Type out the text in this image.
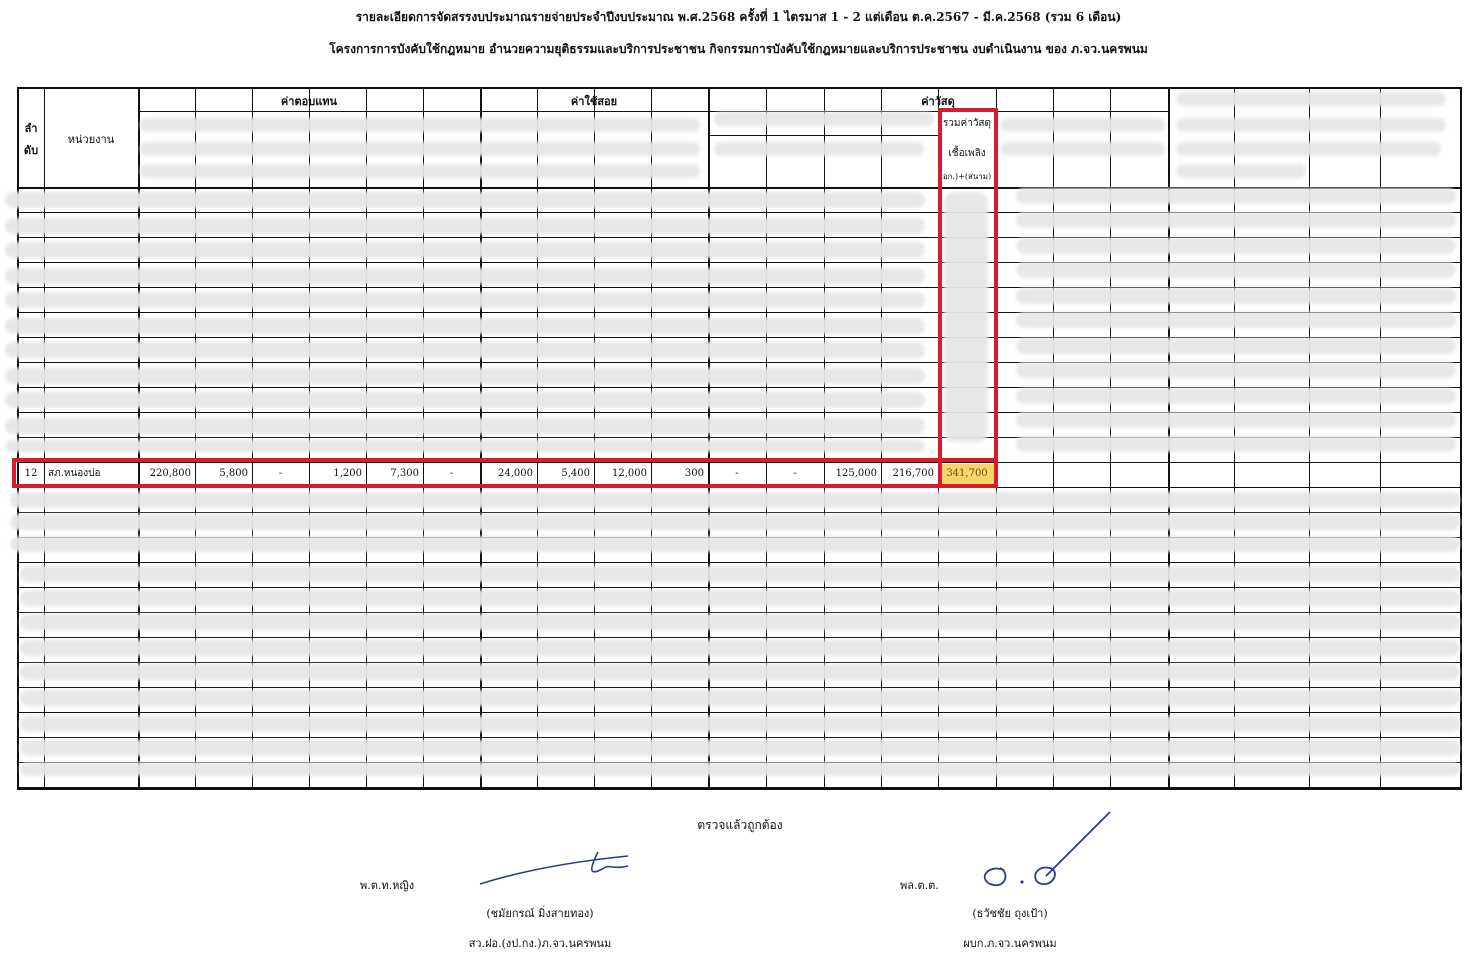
รายละเอียดการจัดสรรงบประมาณรายจ่ายประจำปีงบประมาณ พ.ศ.2568 ครั้งที่ 1 ไตรมาส 1 - 2 แต่เดือน ต.ค.2567 - มี.ค.2568 (รวม 6 เดือน)
โครงการการบังคับใช้กฎหมาย อำนวยความยุติธรรมและบริการประชาชน กิจกรรมการบังคับใช้กฎหมายและบริการประชาชน งบดำเนินงาน ของ ภ.จว.นครพนม
ลำ ดับ
หน่วยงาน
ค่าตอบแทน	ค่าใช้สอย	ค่าวัสดุ
รวมค่าวัสดุ
เชื้อเพลิง
อก.)+(สนาม)
12	สภ.หนองบ่อ	220,800	5,800	-	1,200	7,300	-	24,000	5,400	12,000	300	-	-	125,000	216,700	341,700
ตรวจแล้วถูกต้อง
พ.ต.ท.หญิง
(ชมัยกรณ์ มิ่งสายทอง)
สว.ฝอ.(งป.กง.)ภ.จว.นครพนม
พล.ต.ต.
(ธวัชชัย ถุงเป้า)
ผบก.ภ.จว.นครพนม
